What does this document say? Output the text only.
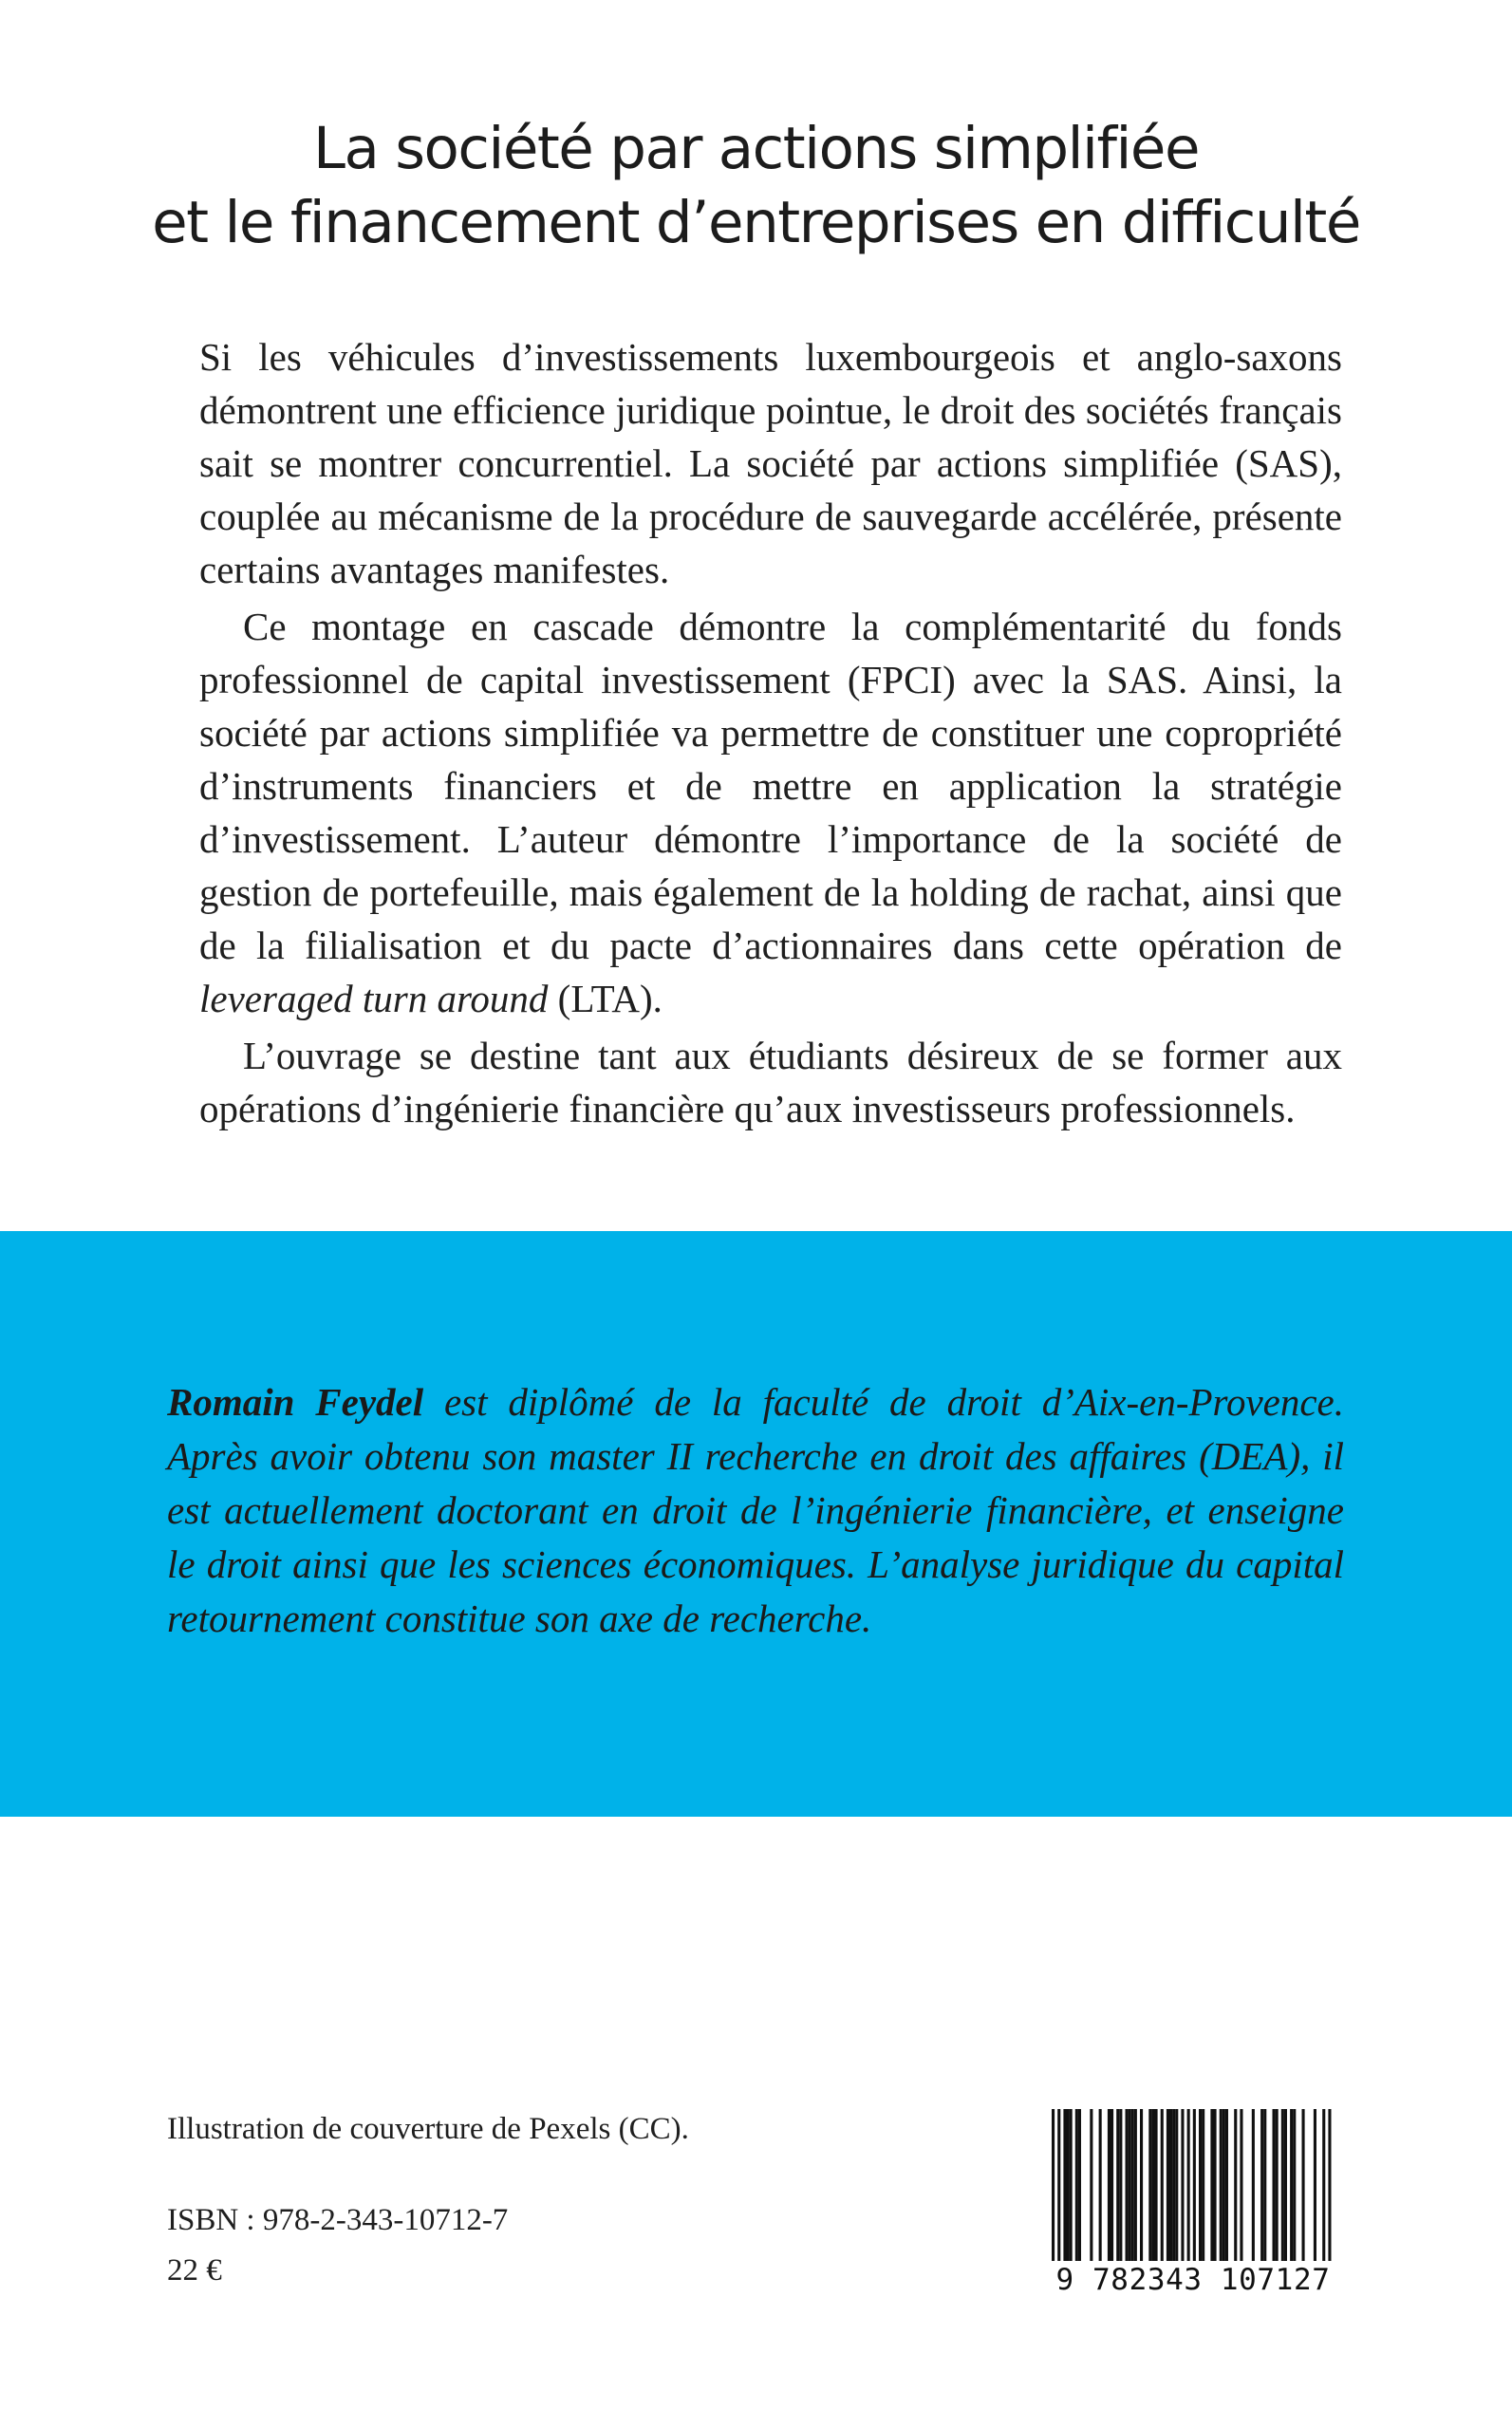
La société par actions simplifiée
et le financement d’entreprises en difficulté

Si les véhicules d’investissements luxembourgeois et anglo-saxons démontrent une efficience juridique pointue, le droit des sociétés français sait se montrer concurrentiel. La société par actions simplifiée (SAS), couplée au mécanisme de la procédure de sauvegarde accélérée, présente certains avantages manifestes.

Ce montage en cascade démontre la complémentarité du fonds professionnel de capital investissement (FPCI) avec la SAS. Ainsi, la société par actions simplifiée va permettre de constituer une copropriété d’instruments financiers et de mettre en application la stratégie d’investissement. L’auteur démontre l’importance de la société de gestion de portefeuille, mais également de la holding de rachat, ainsi que de la filialisation et du pacte d’actionnaires dans cette opération de leveraged turn around (LTA).

L’ouvrage se destine tant aux étudiants désireux de se former aux opérations d’ingénierie financière qu’aux investisseurs professionnels.

Romain Feydel est diplômé de la faculté de droit d’Aix-en-Provence. Après avoir obtenu son master II recherche en droit des affaires (DEA), il est actuellement doctorant en droit de l’ingénierie financière, et enseigne le droit ainsi que les sciences économiques. L’analyse juridique du capital retournement constitue son axe de recherche.

Illustration de couverture de Pexels (CC).
ISBN : 978-2-343-10712-7
22 €	9 782343 107127
